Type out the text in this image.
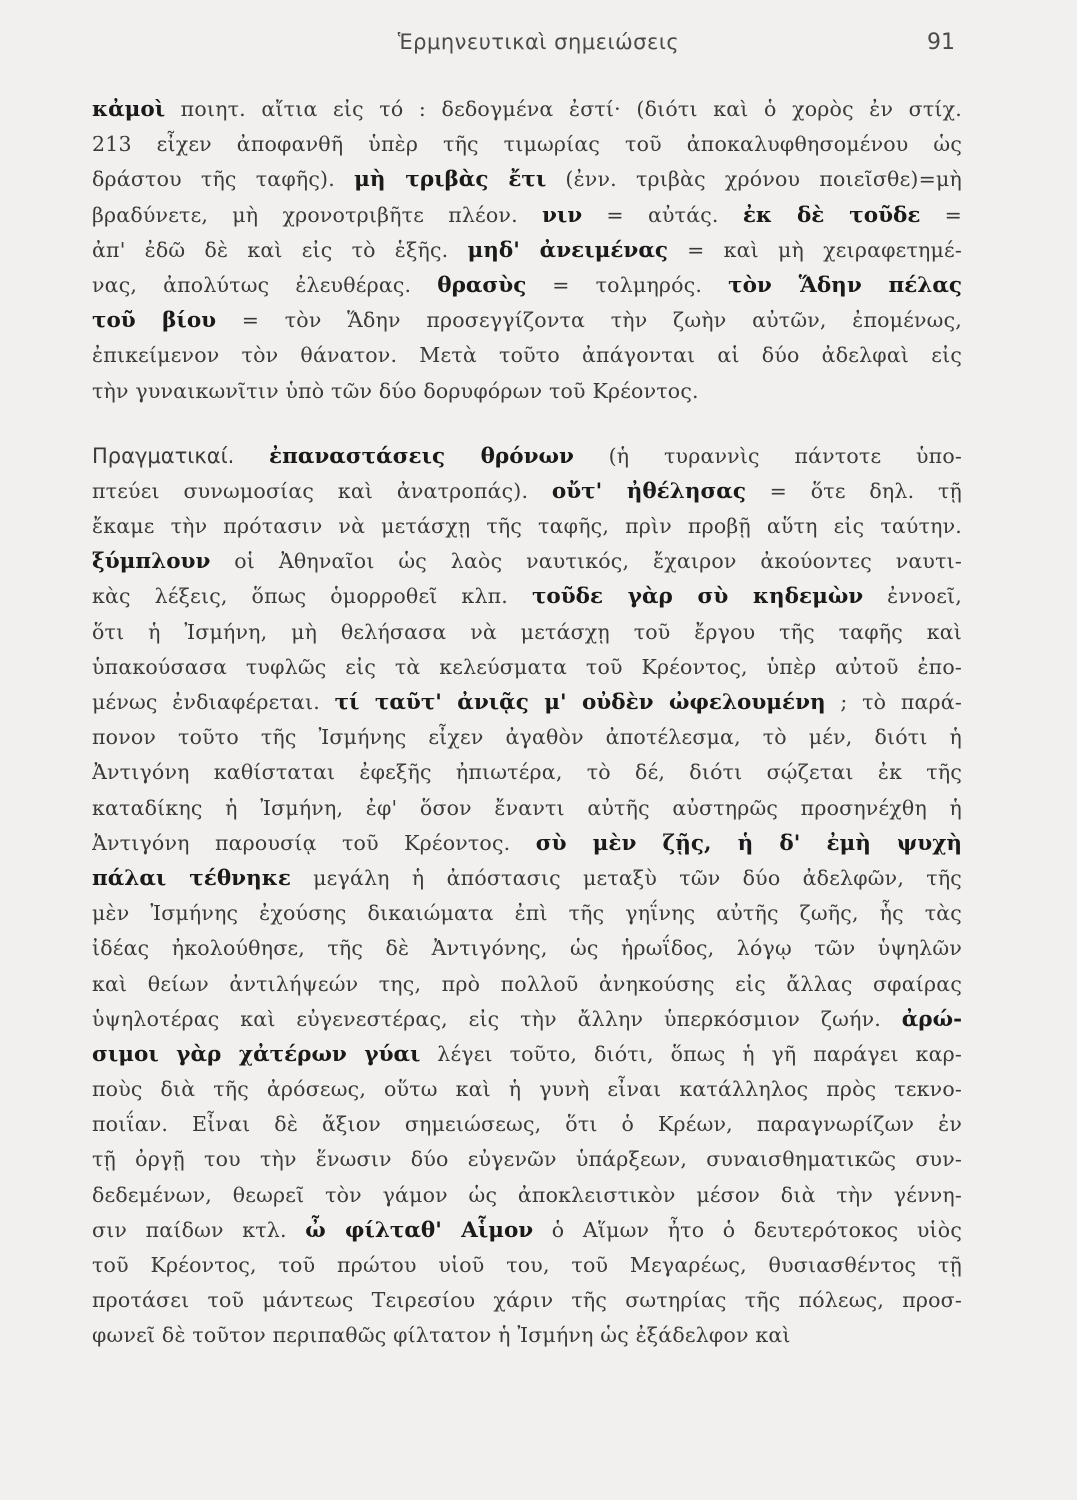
Ἑρμηνευτικαὶ σημειώσεις	91

κἀμοὶ ποιητ. αἴτια εἰς τό : δεδογμένα ἐστί· (διότι καὶ ὁ χορὸς ἐν στίχ.
213 εἶχεν ἀποφανθῆ ὑπὲρ τῆς τιμωρίας τοῦ ἀποκαλυφθησομένου ὡς
δράστου τῆς ταφῆς). μὴ τριβὰς ἔτι (ἐνν. τριβὰς χρόνου ποιεῖσθε)=μὴ
βραδύνετε, μὴ χρονοτριβῆτε πλέον. νιν = αὐτάς. ἐκ δὲ τοῦδε =
ἀπ' ἐδῶ δὲ καὶ εἰς τὸ ἑξῆς. μηδ' ἀνειμένας = καὶ μὴ χειραφετημέ-
νας, ἀπολύτως ἐλευθέρας. θρασὺς = τολμηρός. τὸν Ἅδην πέλας
τοῦ βίου = τὸν Ἅδην προσεγγίζοντα τὴν ζωὴν αὐτῶν, ἐπομένως,
ἐπικείμενον τὸν θάνατον. Μετὰ τοῦτο ἀπάγονται αἱ δύο ἀδελφαὶ εἰς
τὴν γυναικωνῖτιν ὑπὸ τῶν δύο δορυφόρων τοῦ Κρέοντος.

Πραγματικαί. ἐπαναστάσεις θρόνων (ἡ τυραννὶς πάντοτε ὑπο-
πτεύει συνωμοσίας καὶ ἀνατροπάς). οὔτ' ἠθέλησας = ὅτε δηλ. τῇ
ἔκαμε τὴν πρότασιν νὰ μετάσχῃ τῆς ταφῆς, πρὶν προβῇ αὕτη εἰς ταύτην.
ξύμπλουν οἱ Ἀθηναῖοι ὡς λαὸς ναυτικός, ἔχαιρον ἀκούοντες ναυτι-
κὰς λέξεις, ὅπως ὁμορροθεῖ κλπ. τοῦδε γὰρ σὺ κηδεμὼν ἐννοεῖ,
ὅτι ἡ Ἰσμήνη, μὴ θελήσασα νὰ μετάσχῃ τοῦ ἔργου τῆς ταφῆς καὶ
ὑπακούσασα τυφλῶς εἰς τὰ κελεύσματα τοῦ Κρέοντος, ὑπὲρ αὐτοῦ ἐπο-
μένως ἐνδιαφέρεται. τί ταῦτ' ἀνιᾷς μ' οὐδὲν ὠφελουμένη ; τὸ παρά-
πονον τοῦτο τῆς Ἰσμήνης εἶχεν ἀγαθὸν ἀποτέλεσμα, τὸ μέν, διότι ἡ
Ἀντιγόνη καθίσταται ἐφεξῆς ἠπιωτέρα, τὸ δέ, διότι σῴζεται ἐκ τῆς
καταδίκης ἡ Ἰσμήνη, ἐφ' ὅσον ἔναντι αὐτῆς αὐστηρῶς προσηνέχθη ἡ
Ἀντιγόνη παρουσίᾳ τοῦ Κρέοντος. σὺ μὲν ζῇς, ἡ δ' ἐμὴ ψυχὴ
πάλαι τέθνηκε μεγάλη ἡ ἀπόστασις μεταξὺ τῶν δύο ἀδελφῶν, τῆς
μὲν Ἰσμήνης ἐχούσης δικαιώματα ἐπὶ τῆς γηΐνης αὐτῆς ζωῆς, ἧς τὰς
ἰδέας ἠκολούθησε, τῆς δὲ Ἀντιγόνης, ὡς ἡρωΐδος, λόγῳ τῶν ὑψηλῶν
καὶ θείων ἀντιλήψεών της, πρὸ πολλοῦ ἀνηκούσης εἰς ἄλλας σφαίρας
ὑψηλοτέρας καὶ εὐγενεστέρας, εἰς τὴν ἄλλην ὑπερκόσμιον ζωήν. ἀρώ-
σιμοι γὰρ χἀτέρων γύαι λέγει τοῦτο, διότι, ὅπως ἡ γῆ παράγει καρ-
ποὺς διὰ τῆς ἀρόσεως, οὕτω καὶ ἡ γυνὴ εἶναι κατάλληλος πρὸς τεκνο-
ποιΐαν. Εἶναι δὲ ἄξιον σημειώσεως, ὅτι ὁ Κρέων, παραγνωρίζων ἐν
τῇ ὀργῇ του τὴν ἕνωσιν δύο εὐγενῶν ὑπάρξεων, συναισθηματικῶς συν-
δεδεμένων, θεωρεῖ τὸν γάμον ὡς ἀποκλειστικὸν μέσον διὰ τὴν γέννη-
σιν παίδων κτλ. ὦ φίλταθ' Αἷμον ὁ Αἵμων ἦτο ὁ δευτερότοκος υἱὸς
τοῦ Κρέοντος, τοῦ πρώτου υἱοῦ του, τοῦ Μεγαρέως, θυσιασθέντος τῇ
προτάσει τοῦ μάντεως Τειρεσίου χάριν τῆς σωτηρίας τῆς πόλεως, προσ-
φωνεῖ δὲ τοῦτον περιπαθῶς φίλτατον ἡ Ἰσμήνη ὡς ἐξάδελφον καὶ
